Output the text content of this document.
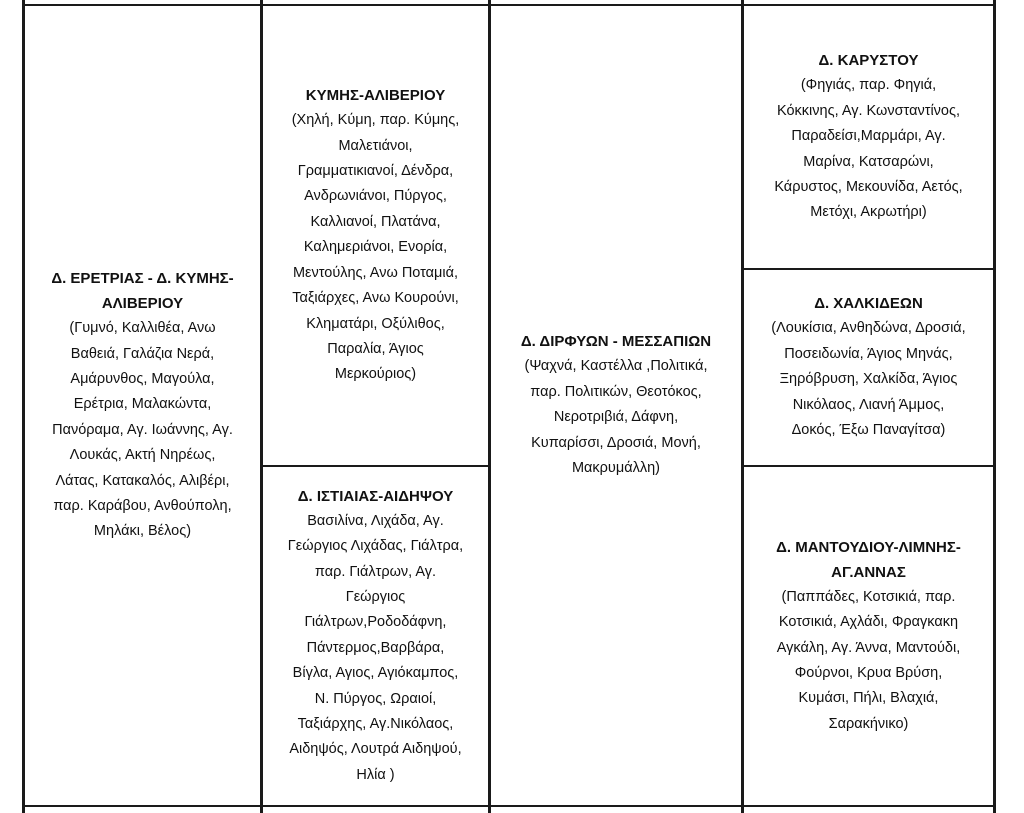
Δ. ΕΡΕΤΡΙΑΣ - Δ. ΚΥΜΗΣ-
ΑΛΙΒΕΡΙΟΥ
(Γυμνό, Καλλιθέα, Ανω
Βαθειά, Γαλάζια Νερά,
Αμάρυνθος, Μαγούλα,
Ερέτρια, Μαλακώντα,
Πανόραμα, Αγ. Ιωάννης, Αγ.
Λουκάς, Ακτή Νηρέως,
Λάτας, Κατακαλός, Αλιβέρι,
παρ. Καράβου, Ανθούπολη,
Μηλάκι, Βέλος)
ΚΥΜΗΣ-ΑΛΙΒΕΡΙΟΥ
(Χηλή, Κύμη, παρ. Κύμης,
Μαλετιάνοι,
Γραμματικιανοί, Δένδρα,
Ανδρωνιάνοι, Πύργος,
Καλλιανοί, Πλατάνα,
Καλημεριάνοι, Ενορία,
Μεντούλης, Ανω Ποταμιά,
Ταξιάρχες, Ανω Κουρούνι,
Κληματάρι, Οξύλιθος,
Παραλία, Άγιος
Μερκούριος)
Δ. ΙΣΤΙΑΙΑΣ-ΑΙΔΗΨΟΥ
Βασιλίνα, Λιχάδα, Αγ.
Γεώργιος Λιχάδας, Γιάλτρα,
παρ. Γιάλτρων, Αγ.
Γεώργιος
Γιάλτρων,Ροδοδάφνη,
Πάντερμος,Βαρβάρα,
Βίγλα, Αγιος, Αγιόκαμπος,
Ν. Πύργος, Ωραιοί,
Ταξιάρχης, Αγ.Νικόλαος,
Αιδηψός, Λουτρά Αιδηψού,
Ηλία )
Δ. ΔΙΡΦΥΩΝ - ΜΕΣΣΑΠΙΩΝ
(Ψαχνά, Καστέλλα ,Πολιτικά,
παρ. Πολιτικών, Θεοτόκος,
Νεροτριβιά, Δάφνη,
Κυπαρίσσι, Δροσιά, Μονή,
Μακρυμάλλη)
Δ. ΚΑΡΥΣΤΟΥ
(Φηγιάς, παρ. Φηγιά,
Κόκκινης, Αγ. Κωνσταντίνος,
Παραδείσι,Μαρμάρι, Αγ.
Μαρίνα, Κατσαρώνι,
Κάρυστος, Μεκουνίδα, Αετός,
Μετόχι, Ακρωτήρι)
Δ. ΧΑΛΚΙΔΕΩΝ
(Λουκίσια, Ανθηδώνα, Δροσιά,
Ποσειδωνία, Άγιος Μηνάς,
Ξηρόβρυση, Χαλκίδα, Άγιος
Νικόλαος, Λιανή Άμμος,
Δοκός, Έξω Παναγίτσα)
Δ. ΜΑΝΤΟΥΔΙΟΥ-ΛΙΜΝΗΣ-
ΑΓ.ΑΝΝΑΣ
(Παππάδες, Κοτσικιά, παρ.
Κοτσικιά, Αχλάδι, Φραγκακη
Αγκάλη, Αγ. Άννα, Μαντούδι,
Φούρνοι, Κρυα Βρύση,
Κυμάσι, Πήλι, Βλαχιά,
Σαρακήνικο)
